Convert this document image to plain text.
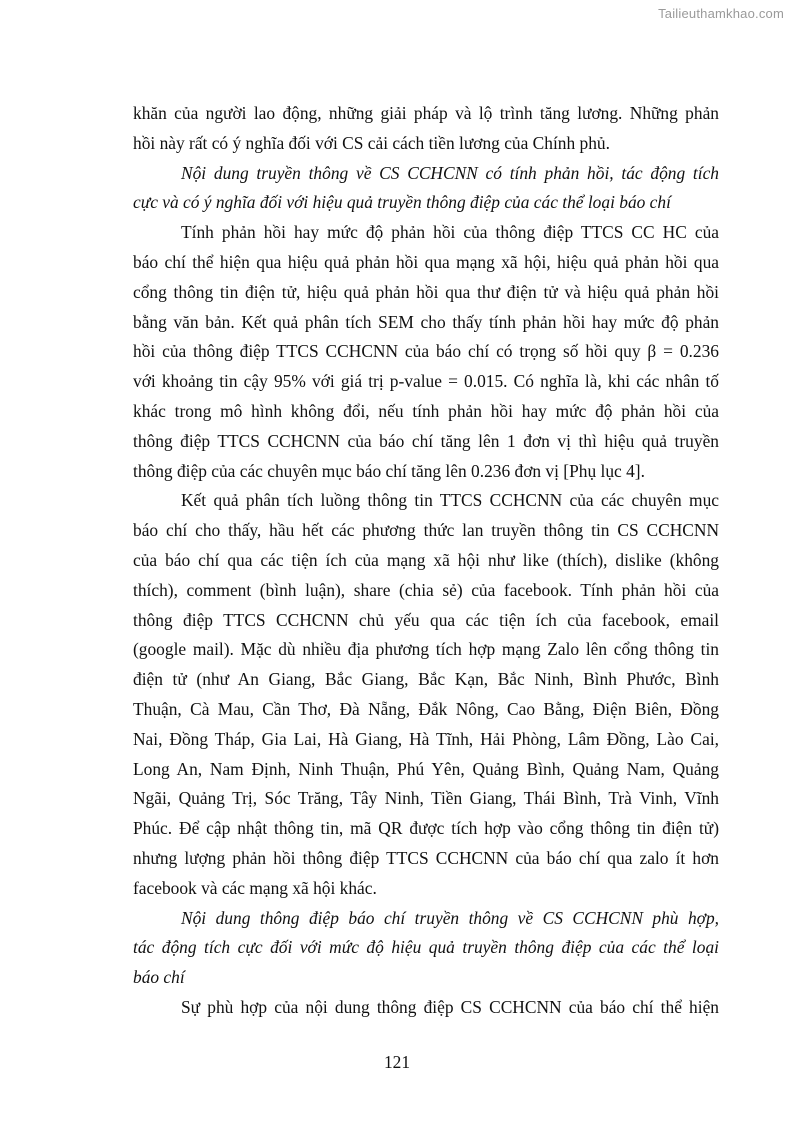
Tailieuthamkhao.com

khăn của người lao động, những giải pháp và lộ trình tăng lương. Những phản
hồi này rất có ý nghĩa đối với CS cải cách tiền lương của Chính phủ.

Nội dung truyền thông về CS CCHCNN có tính phản hồi, tác động tích
cực và có ý nghĩa đối với hiệu quả truyền thông điệp của các thể loại báo chí

Tính phản hồi hay mức độ phản hồi của thông điệp TTCS CC HC của
báo chí thể hiện qua hiệu quả phản hồi qua mạng xã hội, hiệu quả phản hồi qua
cổng thông tin điện tử, hiệu quả phản hồi qua thư điện tử và hiệu quả phản hồi
bằng văn bản. Kết quả phân tích SEM cho thấy tính phản hồi hay mức độ phản
hồi của thông điệp TTCS CCHCNN của báo chí có trọng số hồi quy β = 0.236
với khoảng tin cậy 95% với giá trị p-value = 0.015. Có nghĩa là, khi các nhân tố
khác trong mô hình không đổi, nếu tính phản hồi hay mức độ phản hồi của
thông điệp TTCS CCHCNN của báo chí tăng lên 1 đơn vị thì hiệu quả truyền
thông điệp của các chuyên mục báo chí tăng lên 0.236 đơn vị [Phụ lục 4].

Kết quả phân tích luồng thông tin TTCS CCHCNN của các chuyên mục
báo chí cho thấy, hầu hết các phương thức lan truyền thông tin CS CCHCNN
của báo chí qua các tiện ích của mạng xã hội như like (thích), dislike (không
thích), comment (bình luận), share (chia sẻ) của facebook. Tính phản hồi của
thông điệp TTCS CCHCNN chủ yếu qua các tiện ích của facebook, email
(google mail). Mặc dù nhiều địa phương tích hợp mạng Zalo lên cổng thông tin
điện tử (như An Giang, Bắc Giang, Bắc Kạn, Bắc Ninh, Bình Phước, Bình
Thuận, Cà Mau, Cần Thơ, Đà Nẵng, Đắk Nông, Cao Bằng, Điện Biên, Đồng
Nai, Đồng Tháp, Gia Lai, Hà Giang, Hà Tĩnh, Hải Phòng, Lâm Đồng, Lào Cai,
Long An, Nam Định, Ninh Thuận, Phú Yên, Quảng Bình, Quảng Nam, Quảng
Ngãi, Quảng Trị, Sóc Trăng, Tây Ninh, Tiền Giang, Thái Bình, Trà Vinh, Vĩnh
Phúc. Để cập nhật thông tin, mã QR được tích hợp vào cổng thông tin điện tử)
nhưng lượng phản hồi thông điệp TTCS CCHCNN của báo chí qua zalo ít hơn
facebook và các mạng xã hội khác.

Nội dung thông điệp báo chí truyền thông về CS CCHCNN phù hợp,
tác động tích cực đối với mức độ hiệu quả truyền thông điệp của các thể loại
báo chí

Sự phù hợp của nội dung thông điệp CS CCHCNN của báo chí thể hiện

121
